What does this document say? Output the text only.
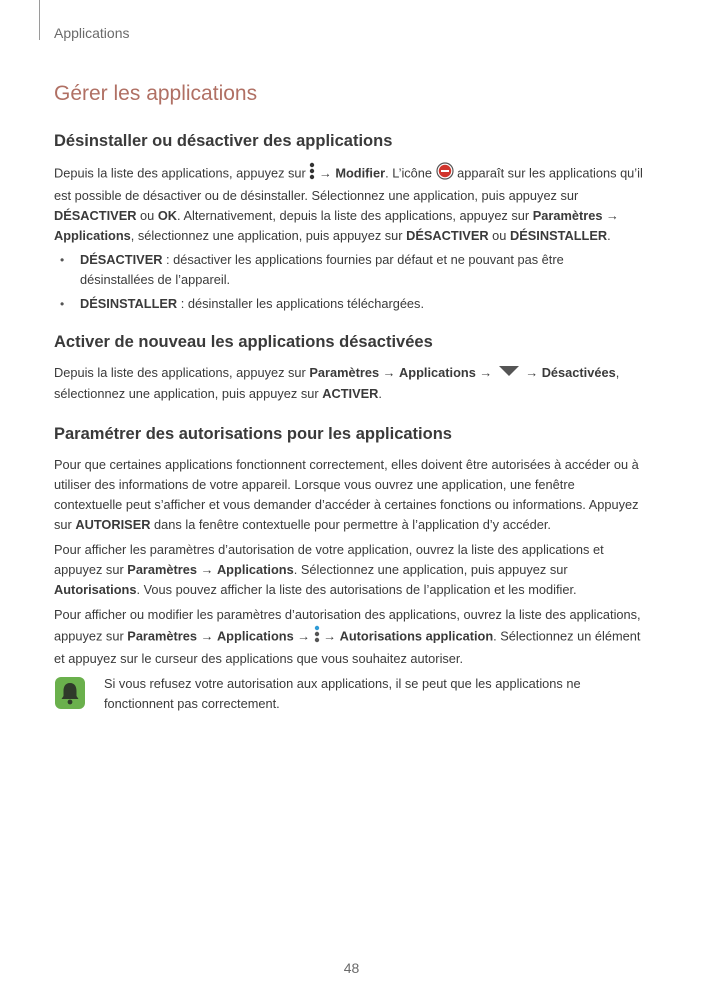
Applications
Gérer les applications
Désinstaller ou désactiver des applications
Depuis la liste des applications, appuyez sur  → Modifier. L’icône apparaît sur les applications qu’il est possible de désactiver ou de désinstaller. Sélectionnez une application, puis appuyez sur DÉSACTIVER ou OK. Alternativement, depuis la liste des applications, appuyez sur Paramètres → Applications, sélectionnez une application, puis appuyez sur DÉSACTIVER ou DÉSINSTALLER.
• DÉSACTIVER : désactiver les applications fournies par défaut et ne pouvant pas être désinstallées de l’appareil.
• DÉSINSTALLER : désinstaller les applications téléchargées.
Activer de nouveau les applications désactivées
Depuis la liste des applications, appuyez sur Paramètres → Applications →  → Désactivées, sélectionnez une application, puis appuyez sur ACTIVER.
Paramétrer des autorisations pour les applications
Pour que certaines applications fonctionnent correctement, elles doivent être autorisées à accéder ou à utiliser des informations de votre appareil. Lorsque vous ouvrez une application, une fenêtre contextuelle peut s’afficher et vous demander d’accéder à certaines fonctions ou informations. Appuyez sur AUTORISER dans la fenêtre contextuelle pour permettre à l’application d’y accéder.
Pour afficher les paramètres d’autorisation de votre application, ouvrez la liste des applications et appuyez sur Paramètres → Applications. Sélectionnez une application, puis appuyez sur Autorisations. Vous pouvez afficher la liste des autorisations de l’application et les modifier.
Pour afficher ou modifier les paramètres d’autorisation des applications, ouvrez la liste des applications, appuyez sur Paramètres → Applications →  → Autorisations application. Sélectionnez un élément et appuyez sur le curseur des applications que vous souhaitez autoriser.
Si vous refusez votre autorisation aux applications, il se peut que les applications ne fonctionnent pas correctement.
48
